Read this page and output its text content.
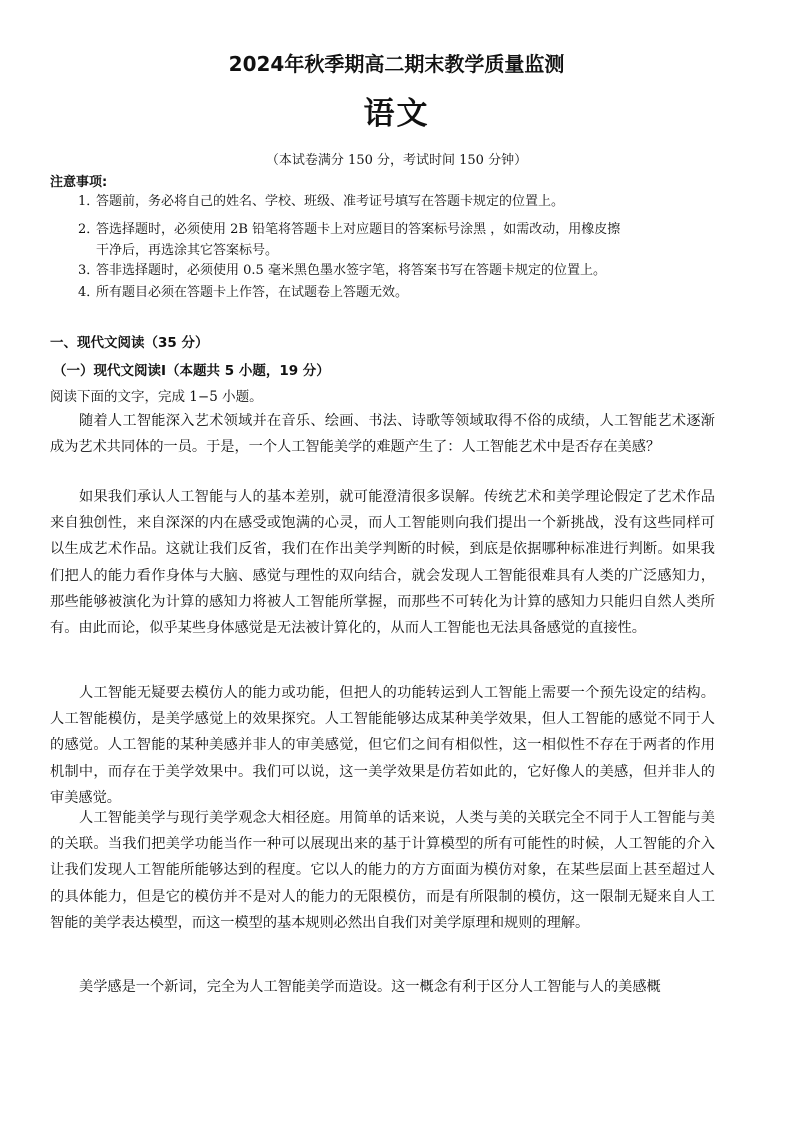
2024年秋季期高二期末教学质量监测
语文
（本试卷满分 150 分，考试时间 150 分钟）
注意事项:
1．答题前，务必将自己的姓名、学校、班级、准考证号填写在答题卡规定的位置上。
2．答选择题时，必须使用 2B 铅笔将答题卡上对应题目的答案标号涂黑 ，如需改动，用橡皮擦
干净后，再选涂其它答案标号。
3．答非选择题时，必须使用 0.5 毫米黑色墨水签字笔，将答案书写在答题卡规定的位置上。
4．所有题目必须在答题卡上作答，在试题卷上答题无效。
一、现代文阅读（35 分）
（一）现代文阅读Ⅰ（本题共 5 小题，19 分）
阅读下面的文字，完成 1−5 小题。
随着人工智能深入艺术领域并在音乐、绘画、书法、诗歌等领域取得不俗的成绩，人工智能艺术逐渐成为艺术共同体的一员。于是，一个人工智能美学的难题产生了：人工智能艺术中是否存在美感？
如果我们承认人工智能与人的基本差别，就可能澄清很多误解。传统艺术和美学理论假定了艺术作品来自独创性，来自深深的内在感受或饱满的心灵，而人工智能则向我们提出一个新挑战，没有这些同样可以生成艺术作品。这就让我们反省，我们在作出美学判断的时候，到底是依据哪种标准进行判断。如果我们把人的能力看作身体与大脑、感觉与理性的双向结合，就会发现人工智能很难具有人类的广泛感知力，那些能够被演化为计算的感知力将被人工智能所掌握，而那些不可转化为计算的感知力只能归自然人类所有。由此而论，似乎某些身体感觉是无法被计算化的，从而人工智能也无法具备感觉的直接性。
人工智能无疑要去模仿人的能力或功能，但把人的功能转运到人工智能上需要一个预先设定的结构。人工智能模仿，是美学感觉上的效果探究。人工智能能够达成某种美学效果，但人工智能的感觉不同于人的感觉。人工智能的某种美感并非人的审美感觉，但它们之间有相似性，这一相似性不存在于两者的作用机制中，而存在于美学效果中。我们可以说，这一美学效果是仿若如此的，它好像人的美感，但并非人的审美感觉。
人工智能美学与现行美学观念大相径庭。用简单的话来说，人类与美的关联完全不同于人工智能与美的关联。当我们把美学功能当作一种可以展现出来的基于计算模型的所有可能性的时候，人工智能的介入让我们发现人工智能所能够达到的程度。它以人的能力的方方面面为模仿对象，在某些层面上甚至超过人的具体能力，但是它的模仿并不是对人的能力的无限模仿，而是有所限制的模仿，这一限制无疑来自人工智能的美学表达模型，而这一模型的基本规则必然出自我们对美学原理和规则的理解。
美学感是一个新词，完全为人工智能美学而造设。这一概念有利于区分人工智能与人的美感概
